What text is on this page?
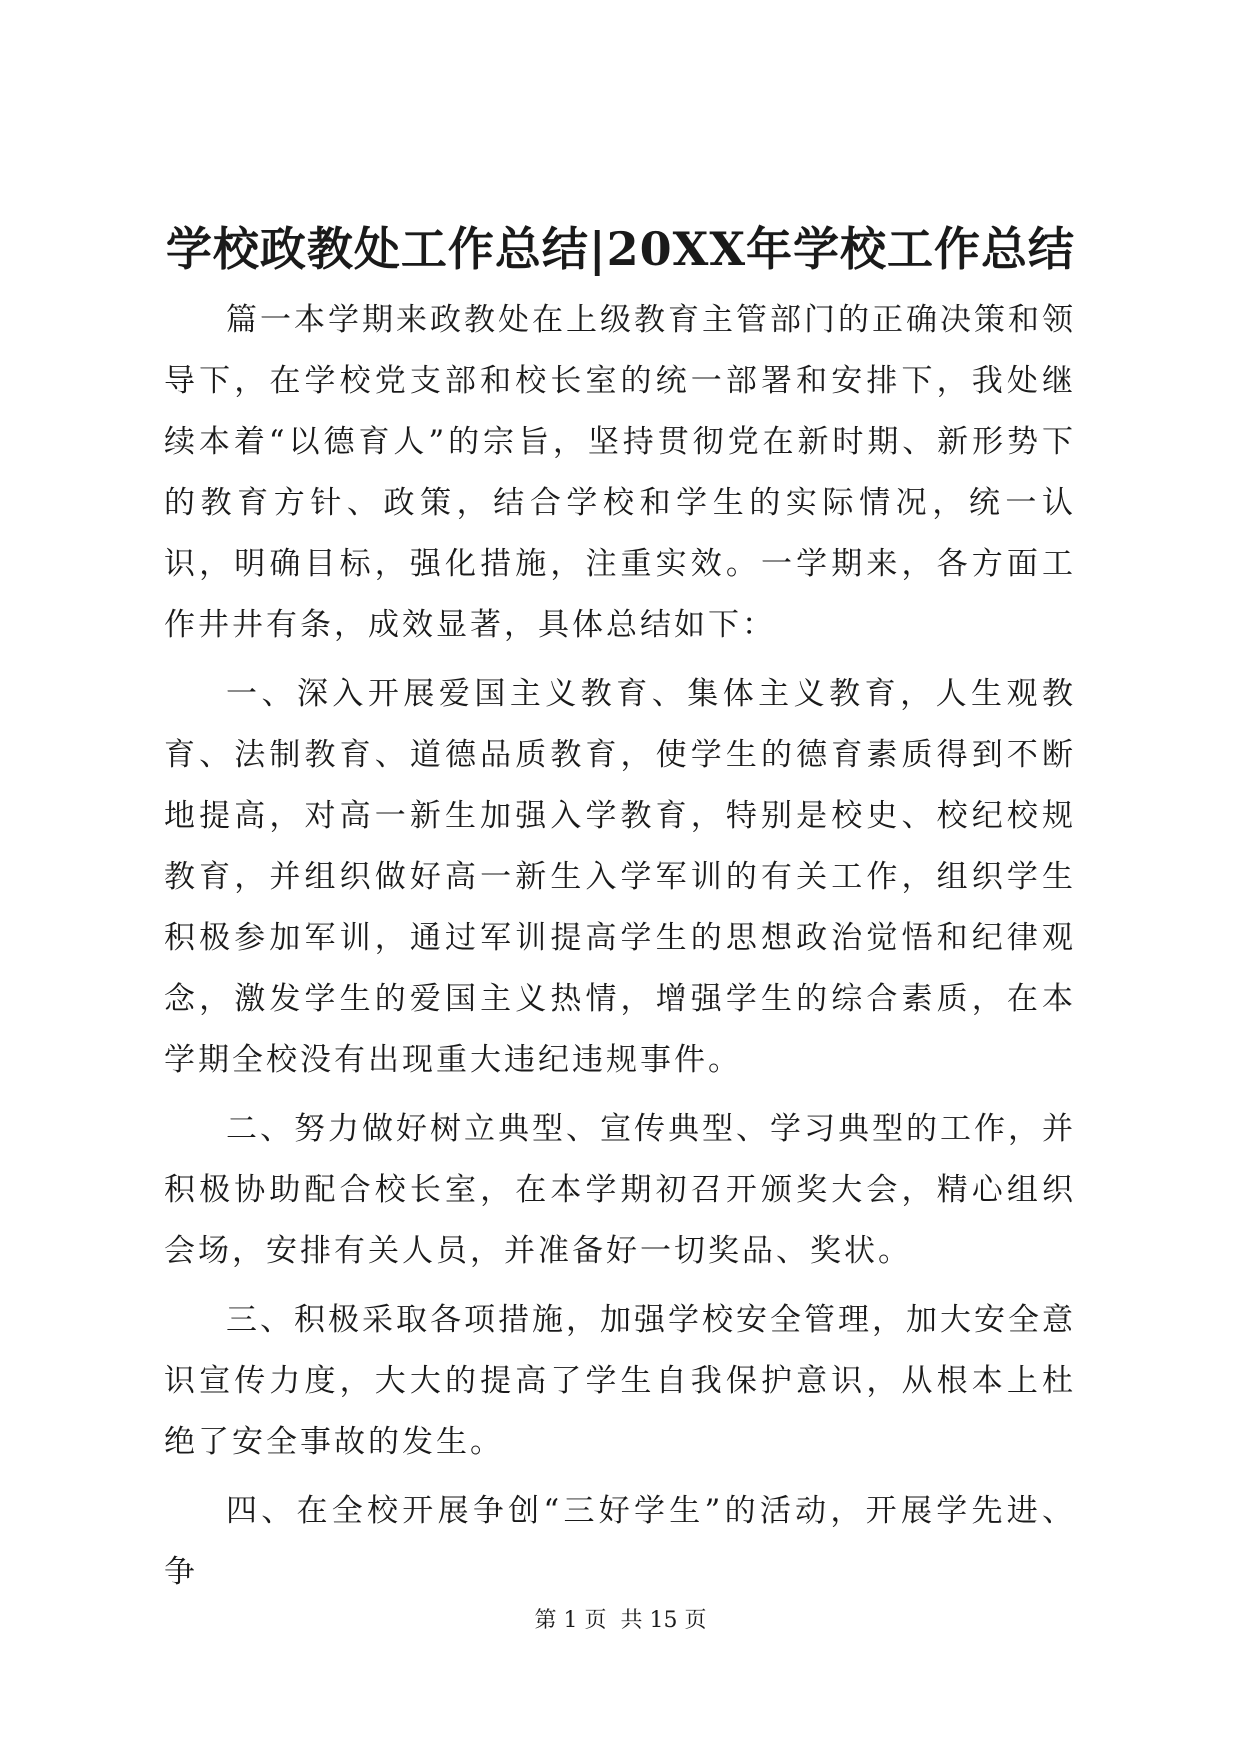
学校政教处工作总结|20XX年学校工作总结

篇一本学期来政教处在上级教育主管部门的正确决策和领导下，在学校党支部和校长室的统一部署和安排下，我处继续本着“以德育人”的宗旨，坚持贯彻党在新时期、新形势下的教育方针、政策，结合学校和学生的实际情况，统一认识，明确目标，强化措施，注重实效。一学期来，各方面工作井井有条，成效显著，具体总结如下：

一、深入开展爱国主义教育、集体主义教育，人生观教育、法制教育、道德品质教育，使学生的德育素质得到不断地提高，对高一新生加强入学教育，特别是校史、校纪校规教育，并组织做好高一新生入学军训的有关工作，组织学生积极参加军训，通过军训提高学生的思想政治觉悟和纪律观念，激发学生的爱国主义热情，增强学生的综合素质，在本学期全校没有出现重大违纪违规事件。

二、努力做好树立典型、宣传典型、学习典型的工作，并积极协助配合校长室，在本学期初召开颁奖大会，精心组织会场，安排有关人员，并准备好一切奖品、奖状。

三、积极采取各项措施，加强学校安全管理，加大安全意识宣传力度，大大的提高了学生自我保护意识，从根本上杜绝了安全事故的发生。

四、在全校开展争创“三好学生”的活动，开展学先进、争

第 1 页 共 15 页
